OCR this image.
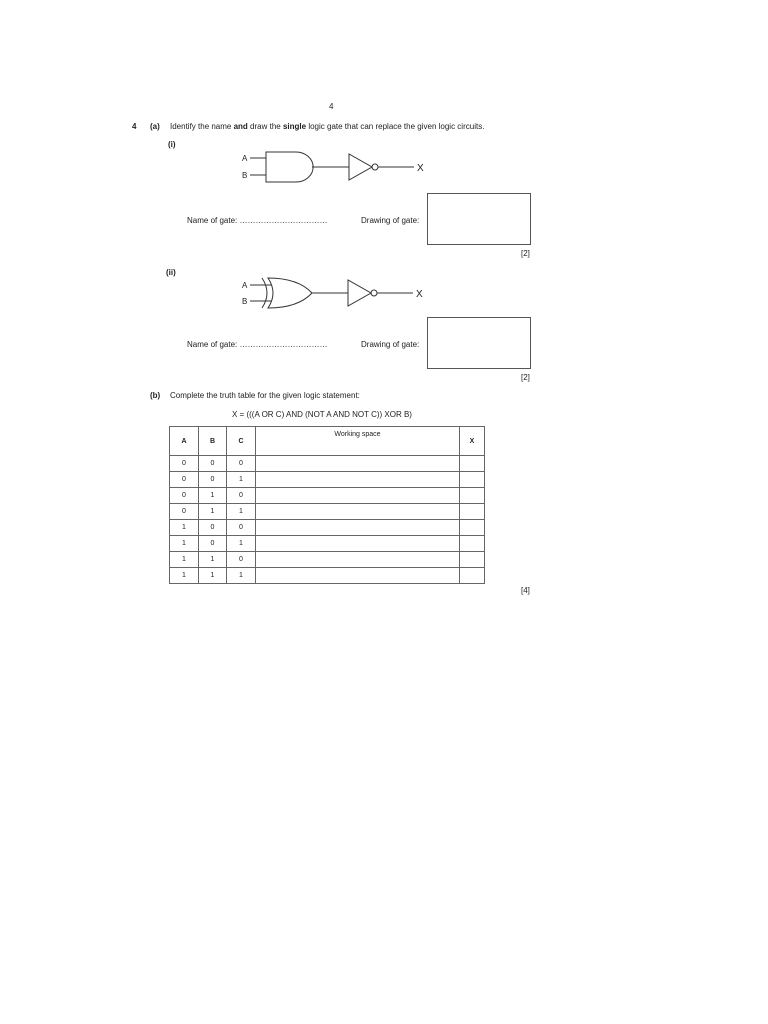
4
4 (a) Identify the name and draw the single logic gate that can replace the given logic circuits.
(i)
A
B
X
Name of gate: ……………………………	Drawing of gate:
[2]
(ii)
A
B
X
Name of gate: ……………………………	Drawing of gate:
[2]
(b) Complete the truth table for the given logic statement:
X = (((A OR C) AND (NOT A AND NOT C)) XOR B)
A	B	C	Working space	X
0	0	0		
0	0	1		
0	1	0		
0	1	1		
1	0	0		
1	0	1		
1	1	0		
1	1	1		
[4]
